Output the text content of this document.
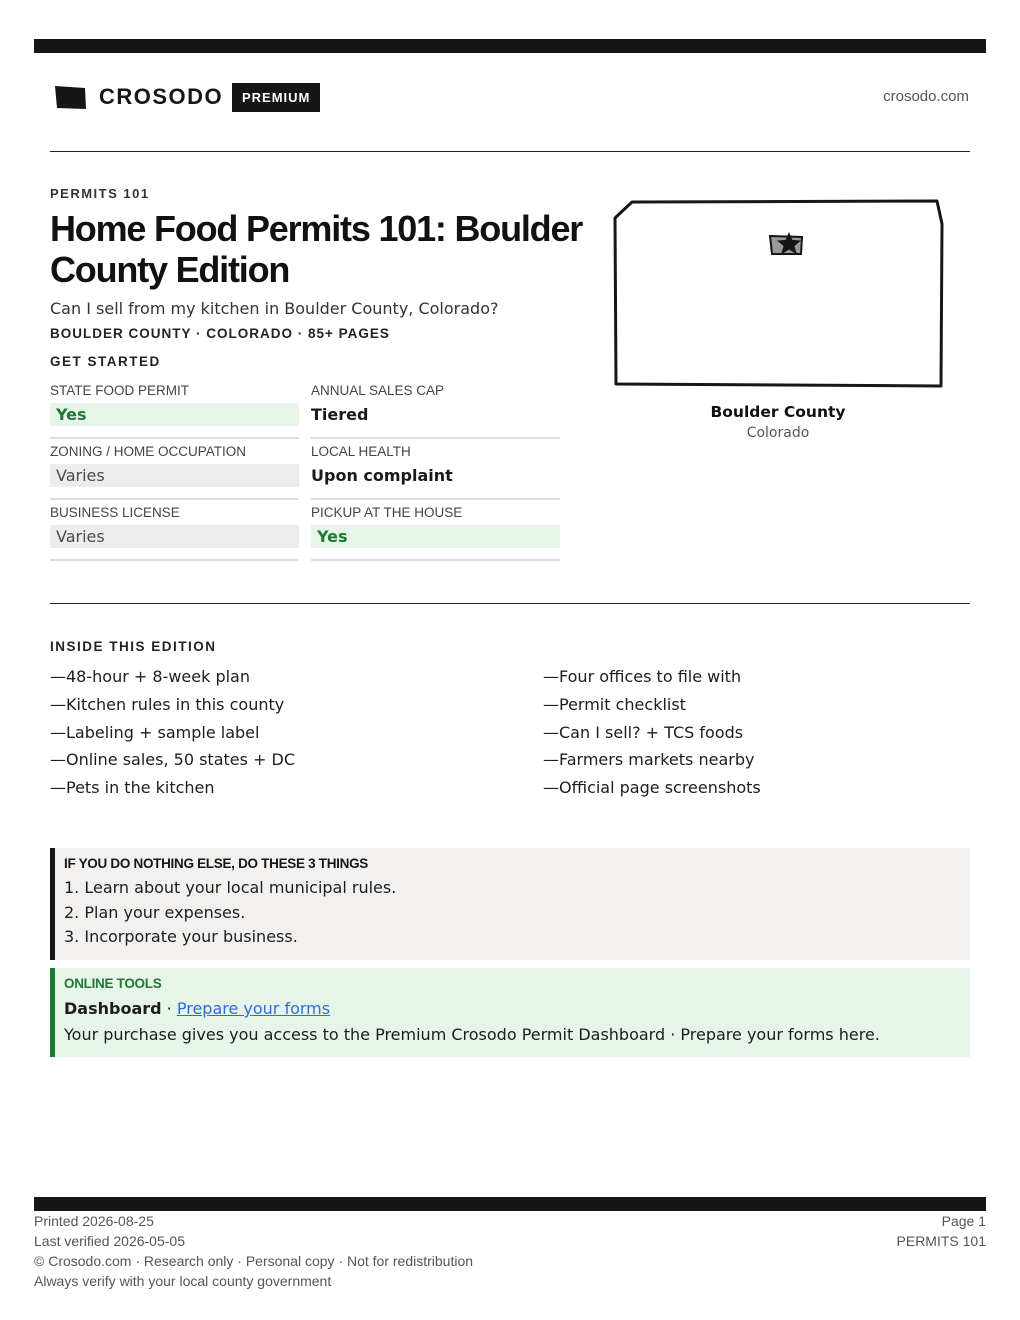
CROSODO	PREMIUM	crosodo.com
PERMITS 101
Home Food Permits 101: Boulder County Edition
Can I sell from my kitchen in Boulder County, Colorado?
BOULDER COUNTY · COLORADO · 85+ PAGES
GET STARTED
STATE FOOD PERMIT
Yes
ANNUAL SALES CAP
Tiered
ZONING / HOME OCCUPATION
Varies
LOCAL HEALTH
Upon complaint
BUSINESS LICENSE
Varies
PICKUP AT THE HOUSE
Yes
Boulder County
Colorado
INSIDE THIS EDITION
—48-hour + 8-week plan
—Kitchen rules in this county
—Labeling + sample label
—Online sales, 50 states + DC
—Pets in the kitchen
—Four offices to file with
—Permit checklist
—Can I sell? + TCS foods
—Farmers markets nearby
—Official page screenshots
IF YOU DO NOTHING ELSE, DO THESE 3 THINGS
1. Learn about your local municipal rules.
2. Plan your expenses.
3. Incorporate your business.
ONLINE TOOLS
Dashboard · Prepare your forms
Your purchase gives you access to the Premium Crosodo Permit Dashboard · Prepare your forms here.
Printed 2026-08-25
Last verified 2026-05-05
© Crosodo.com · Research only · Personal copy · Not for redistribution
Always verify with your local county government
Page 1
PERMITS 101
